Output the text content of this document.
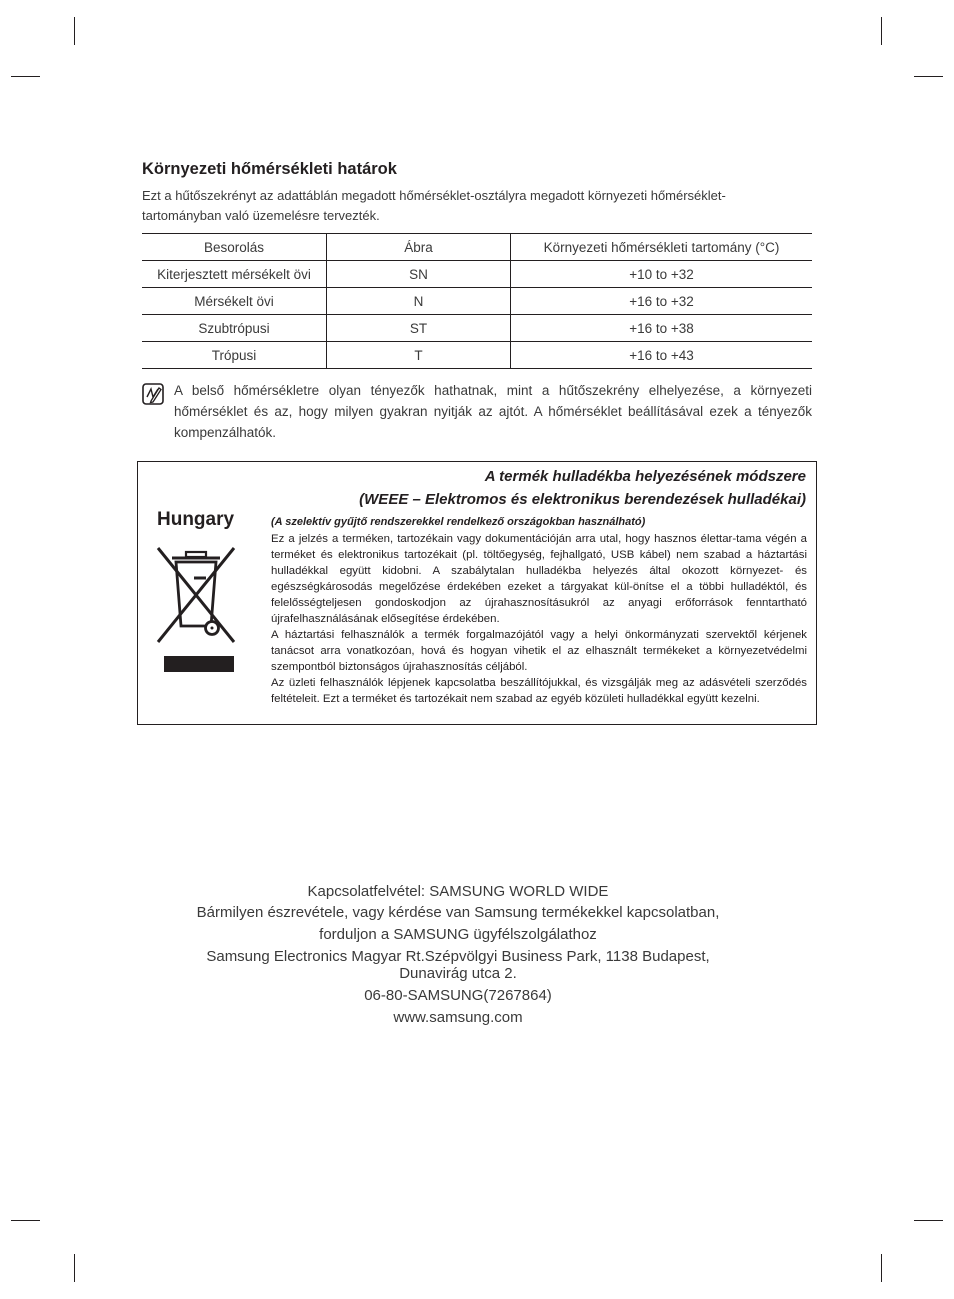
Környezeti hőmérsékleti határok

Ezt a hűtőszekrényt az adattáblán megadott hőmérséklet-osztályra megadott környezeti hőmérséklet-
tartományban való üzemelésre tervezték.

Besorolás	Ábra	Környezeti hőmérsékleti tartomány (°C)
Kiterjesztett mérsékelt övi	SN	+10 to +32
Mérsékelt övi	N	+16 to +32
Szubtrópusi	ST	+16 to +38
Trópusi	T	+16 to +43

A belső hőmérsékletre olyan tényezők hathatnak, mint a hűtőszekrény elhelyezése, a környezeti hőmérséklet és az, hogy milyen gyakran nyitják az ajtót. A hőmérséklet beállításával ezek a tényezők kompenzálhatók.

A termék hulladékba helyezésének módszere

(WEEE – Elektromos és elektronikus berendezések hulladékai)

Hungary	(A szelektív gyűjtő rendszerekkel rendelkező országokban használható)

Ez a jelzés a terméken, tartozékain vagy dokumentációján arra utal, hogy hasznos élettar-tama végén a terméket és elektronikus tartozékait (pl. töltőegység, fejhallgató, USB kábel) nem szabad a háztartási hulladékkal együtt kidobni. A szabálytalan hulladékba helyezés által okozott környezet- és egészségkárosodás megelőzése érdekében ezeket a tárgyakat kül-önítse el a többi hulladéktól, és felelősségteljesen gondoskodjon az újrahasznosításukról az anyagi erőforrások fenntartható újrafelhasználásának elősegítése érdekében.

A háztartási felhasználók a termék forgalmazójától vagy a helyi önkormányzati szervektől kérjenek tanácsot arra vonatkozóan, hová és hogyan vihetik el az elhasznált termékeket a környezetvédelmi szempontból biztonságos újrahasznosítás céljából.

Az üzleti felhasználók lépjenek kapcsolatba beszállítójukkal, és vizsgálják meg az adásvételi szerződés feltételeit. Ezt a terméket és tartozékait nem szabad az egyéb közületi hulladékkal együtt kezelni.

Kapcsolatfelvétel: SAMSUNG WORLD WIDE
Bármilyen észrevétele, vagy kérdése van Samsung termékekkel kapcsolatban,
forduljon a SAMSUNG ügyfélszolgálathoz
Samsung Electronics Magyar Rt.Szépvölgyi Business Park, 1138 Budapest,
Dunavirág utca 2.
06-80-SAMSUNG(7267864)
www.samsung.com
